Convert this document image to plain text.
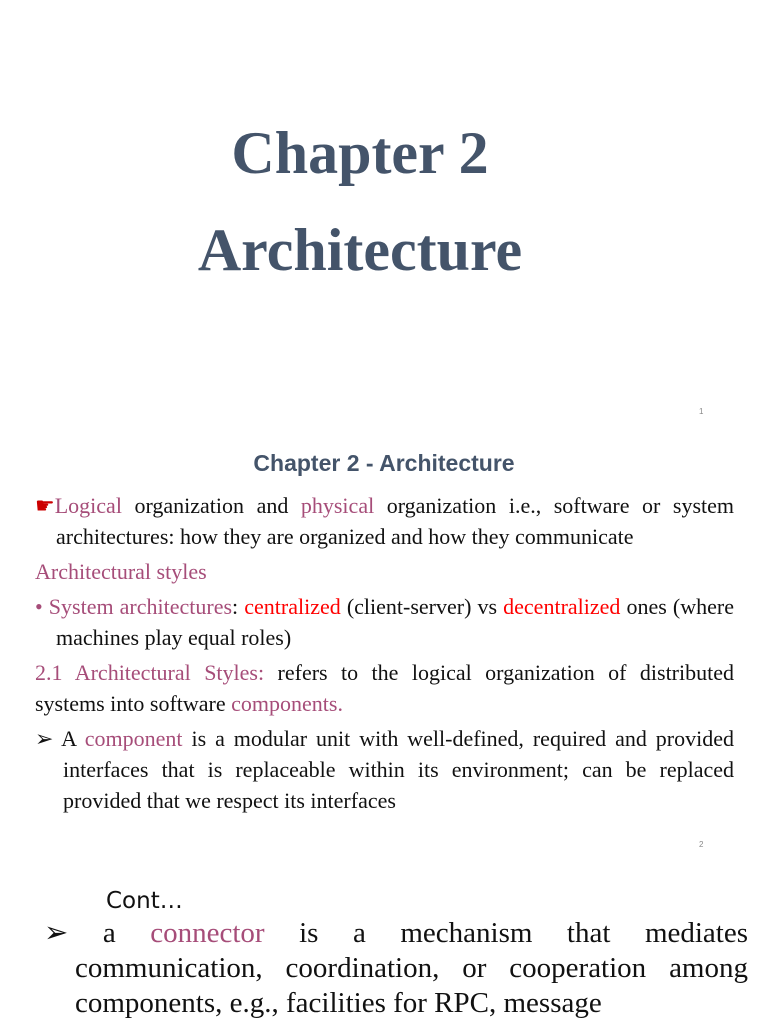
Chapter 2
Architecture
1
Chapter 2 - Architecture

☛Logical organization and physical organization i.e., software or system architectures: how they are organized and how they communicate

Architectural styles

• System architectures: centralized (client-server) vs decentralized ones (where machines play equal roles)

2.1 Architectural Styles: refers to the logical organization of distributed systems into software components.

➢ A component is a modular unit with well-defined, required and provided interfaces that is replaceable within its environment; can be replaced provided that we respect its interfaces

2
Cont…

➢ a connector is a mechanism that mediates communication, coordination, or cooperation among components, e.g., facilities for RPC, message
